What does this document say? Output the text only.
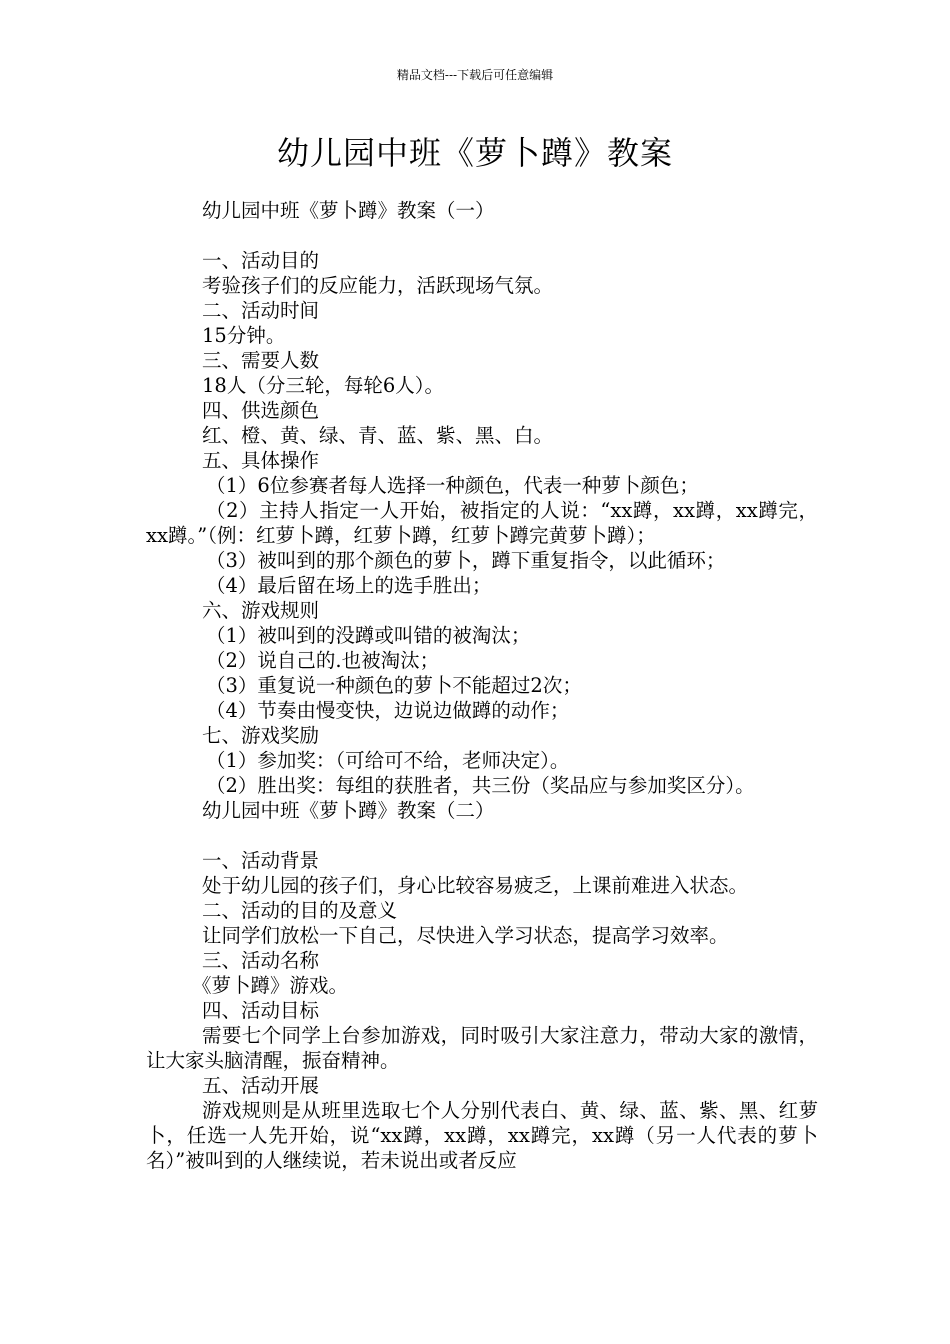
精品文档---下载后可任意编辑
幼儿园中班《萝卜蹲》教案
幼儿园中班《萝卜蹲》教案（一）
一、活动目的
考验孩子们的反应能力，活跃现场气氛。
二、活动时间
15分钟。
三、需要人数
18人（分三轮，每轮6人）。
四、供选颜色
红、橙、黄、绿、青、蓝、紫、黑、白。
五、具体操作
（1）6位参赛者每人选择一种颜色，代表一种萝卜颜色；
（2）主持人指定一人开始，被指定的人说：“xx蹲，xx蹲，xx蹲完，xx蹲。”（例：红萝卜蹲，红萝卜蹲，红萝卜蹲完黄萝卜蹲）；
（3）被叫到的那个颜色的萝卜，蹲下重复指令，以此循环；
（4）最后留在场上的选手胜出；
六、游戏规则
（1）被叫到的没蹲或叫错的被淘汰；
（2）说自己的.也被淘汰；
（3）重复说一种颜色的萝卜不能超过2次；
（4）节奏由慢变快，边说边做蹲的动作；
七、游戏奖励
（1）参加奖：（可给可不给，老师决定）。
（2）胜出奖：每组的获胜者，共三份（奖品应与参加奖区分）。
幼儿园中班《萝卜蹲》教案（二）
一、活动背景
处于幼儿园的孩子们，身心比较容易疲乏，上课前难进入状态。
二、活动的目的及意义
让同学们放松一下自己，尽快进入学习状态，提高学习效率。
三、活动名称
《萝卜蹲》游戏。
四、活动目标
需要七个同学上台参加游戏，同时吸引大家注意力，带动大家的激情，让大家头脑清醒，振奋精神。
五、活动开展
游戏规则是从班里选取七个人分别代表白、黄、绿、蓝、紫、黑、红萝卜，任选一人先开始，说“xx蹲，xx蹲，xx蹲完，xx蹲（另一人代表的萝卜名）”被叫到的人继续说，若未说出或者反应
